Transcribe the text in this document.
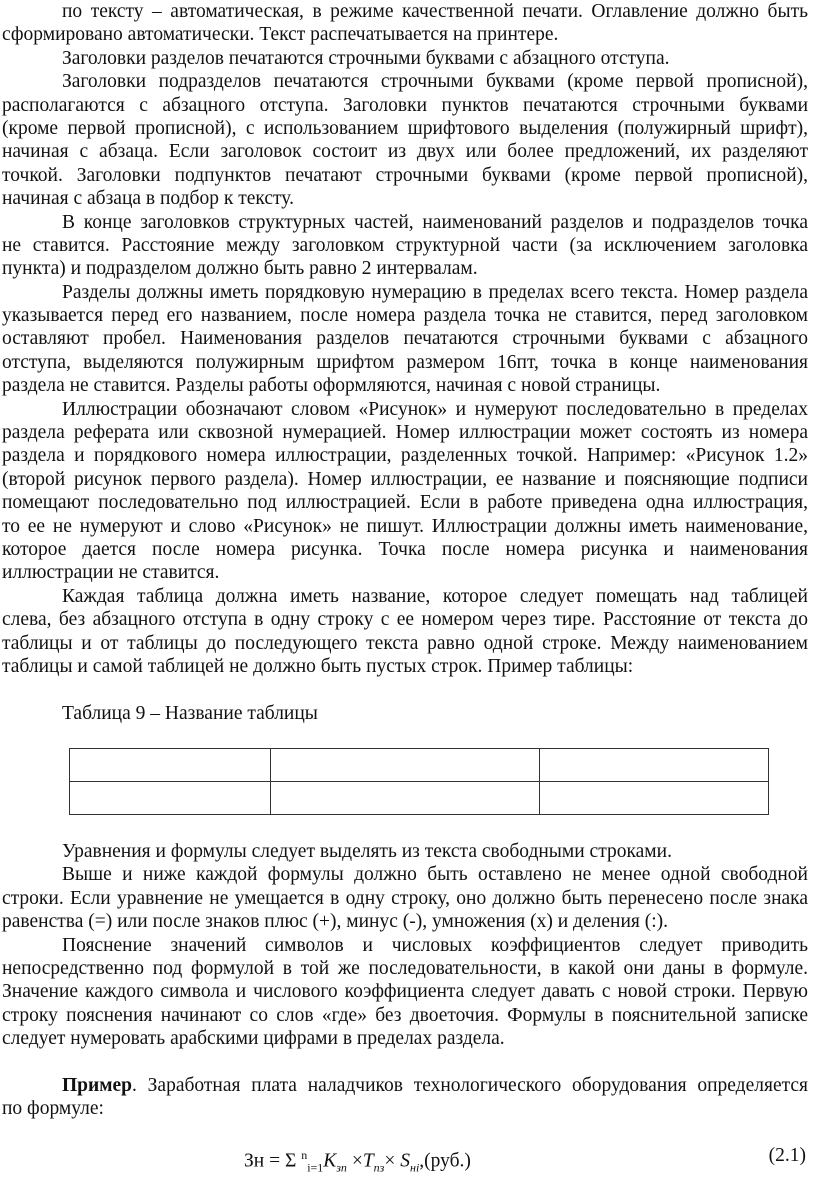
по тексту – автоматическая, в режиме качественной печати. Оглавление должно быть
сформировано автоматически. Текст распечатывается на принтере.
Заголовки разделов печатаются строчными буквами с абзацного отступа.
Заголовки подразделов печатаются строчными буквами (кроме первой прописной),
располагаются с абзацного отступа. Заголовки пунктов печатаются строчными буквами
(кроме первой прописной), с использованием шрифтового выделения (полужирный шрифт),
начиная с абзаца. Если заголовок состоит из двух или более предложений, их разделяют
точкой. Заголовки подпунктов печатают строчными буквами (кроме первой прописной),
начиная с абзаца в подбор к тексту.
В конце заголовков структурных частей, наименований разделов и подразделов точка
не ставится. Расстояние между заголовком структурной части (за исключением заголовка
пункта) и подразделом должно быть равно 2 интервалам.
Разделы должны иметь порядковую нумерацию в пределах всего текста. Номер раздела
указывается перед его названием, после номера раздела точка не ставится, перед заголовком
оставляют пробел. Наименования разделов печатаются строчными буквами с абзацного
отступа, выделяются полужирным шрифтом размером 16пт, точка в конце наименования
раздела не ставится. Разделы работы оформляются, начиная с новой страницы.
Иллюстрации обозначают словом «Рисунок» и нумеруют последовательно в пределах
раздела реферата или сквозной нумерацией. Номер иллюстрации может состоять из номера
раздела и порядкового номера иллюстрации, разделенных точкой. Например: «Рисунок 1.2»
(второй рисунок первого раздела). Номер иллюстрации, ее название и поясняющие подписи
помещают последовательно под иллюстрацией. Если в работе приведена одна иллюстрация,
то ее не нумеруют и слово «Рисунок» не пишут. Иллюстрации должны иметь наименование,
которое дается после номера рисунка. Точка после номера рисунка и наименования
иллюстрации не ставится.
Каждая таблица должна иметь название, которое следует помещать над таблицей
слева, без абзацного отступа в одну строку с ее номером через тире. Расстояние от текста до
таблицы и от таблицы до последующего текста равно одной строке. Между наименованием
таблицы и самой таблицей не должно быть пустых строк. Пример таблицы:
Таблица 9 – Название таблицы

Уравнения и формулы следует выделять из текста свободными строками.
Выше и ниже каждой формулы должно быть оставлено не менее одной свободной
строки. Если уравнение не умещается в одну строку, оно должно быть перенесено после знака
равенства (=) или после знаков плюс (+), минус (-), умножения (х) и деления (:).
Пояснение значений символов и числовых коэффициентов следует приводить
непосредственно под формулой в той же последовательности, в какой они даны в формуле.
Значение каждого символа и числового коэффициента следует давать с новой строки. Первую
строку пояснения начинают со слов «где» без двоеточия. Формулы в пояснительной записке
следует нумеровать арабскими цифрами в пределах раздела.
Пример. Заработная плата наладчиков технологического оборудования определяется
по формуле:
Зн = Σ $^n_{i=1}К_{зп} \times Т_{пз}\times S_{нi},(руб.)$	(2.1)
